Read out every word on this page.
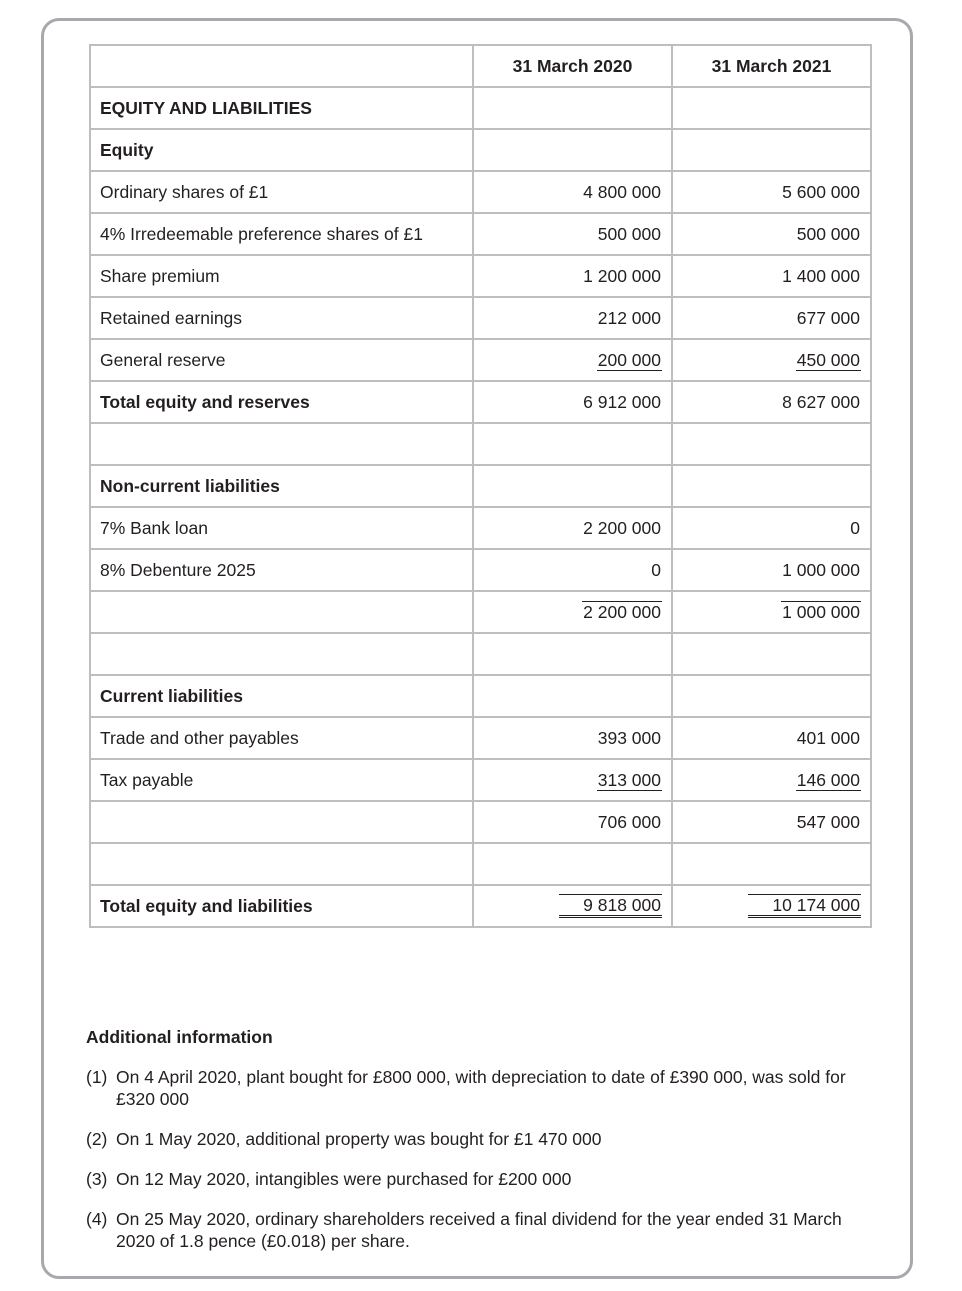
	31 March 2020	31 March 2021
EQUITY AND LIABILITIES		
Equity		
Ordinary shares of £1	4 800 000	5 600 000
4% Irredeemable preference shares of £1	500 000	500 000
Share premium	1 200 000	1 400 000
Retained earnings	212 000	677 000
General reserve	200 000	450 000
Total equity and reserves	6 912 000	8 627 000

Non-current liabilities		
7% Bank loan	2 200 000	0
8% Debenture 2025	0	1 000 000
	2 200 000	1 000 000

Current liabilities		
Trade and other payables	393 000	401 000
Tax payable	313 000	146 000
	706 000	547 000

Total equity and liabilities	9 818 000	10 174 000
Additional information
(1) On 4 April 2020, plant bought for £800 000, with depreciation to date of £390 000, was sold for £320 000
(2) On 1 May 2020, additional property was bought for £1 470 000
(3) On 12 May 2020, intangibles were purchased for £200 000
(4) On 25 May 2020, ordinary shareholders received a final dividend for the year ended 31 March 2020 of 1.8 pence (£0.018) per share.
